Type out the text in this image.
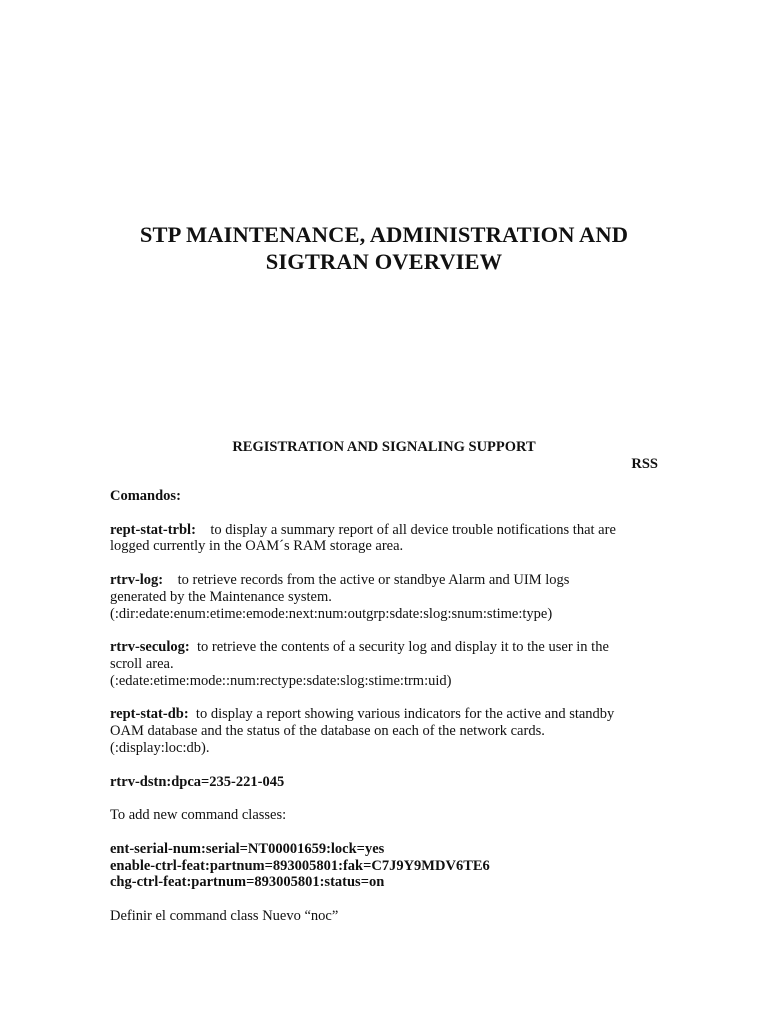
STP MAINTENANCE, ADMINISTRATION AND
SIGTRAN OVERVIEW
REGISTRATION AND SIGNALING SUPPORT
RSS

Comandos:

rept-stat-trbl: to display a summary report of all device trouble notifications that are
logged currently in the OAM´s RAM storage area.

rtrv-log: to retrieve records from the active or standbye Alarm and UIM logs
generated by the Maintenance system.
(:dir:edate:enum:etime:emode:next:num:outgrp:sdate:slog:snum:stime:type)

rtrv-seculog: to retrieve the contents of a security log and display it to the user in the
scroll area.
(:edate:etime:mode::num:rectype:sdate:slog:stime:trm:uid)

rept-stat-db: to display a report showing various indicators for the active and standby
OAM database and the status of the database on each of the network cards.
(:display:loc:db).

rtrv-dstn:dpca=235-221-045

To add new command classes:

ent-serial-num:serial=NT00001659:lock=yes
enable-ctrl-feat:partnum=893005801:fak=C7J9Y9MDV6TE6
chg-ctrl-feat:partnum=893005801:status=on

Definir el command class Nuevo “noc”
